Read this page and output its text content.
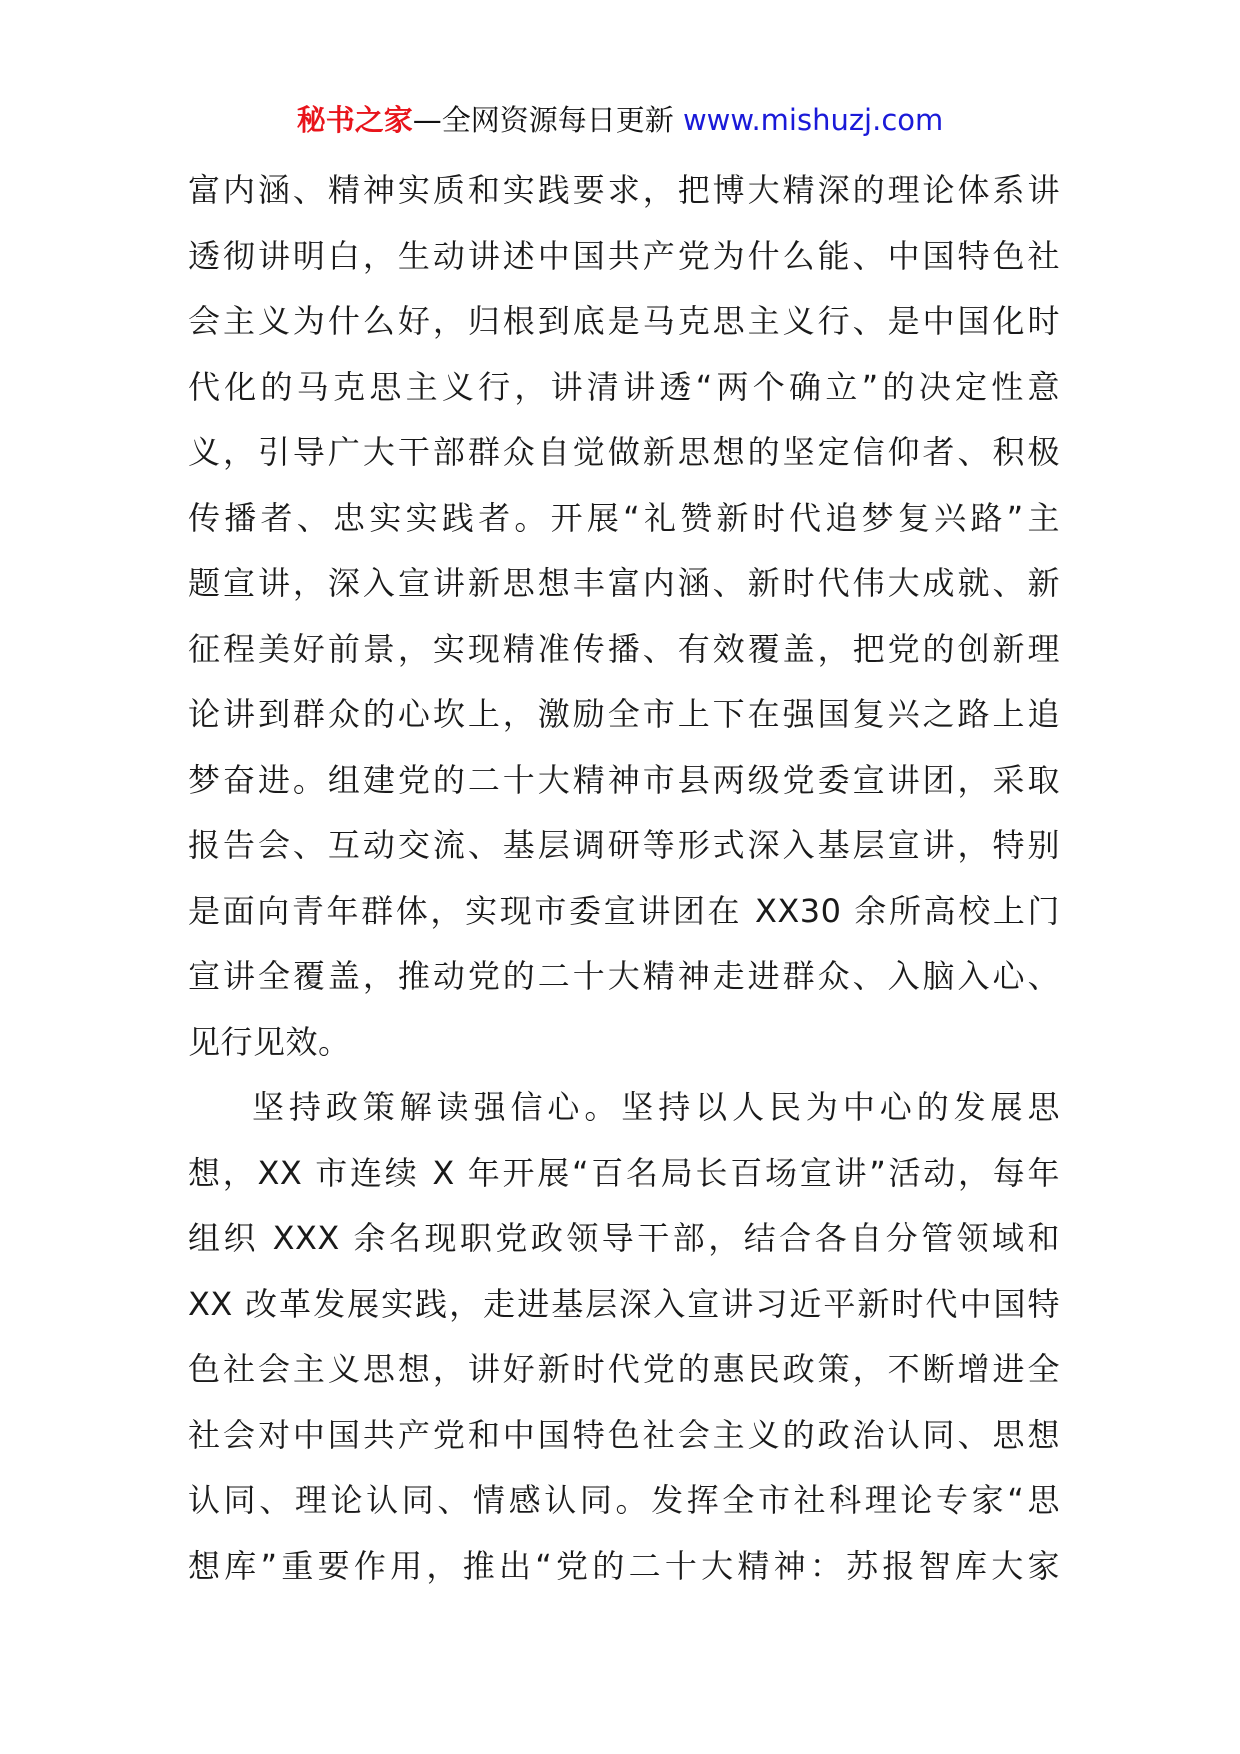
秘书之家—全网资源每日更新 www.mishuzj.com
富内涵、精神实质和实践要求，把博大精深的理论体系讲
透彻讲明白，生动讲述中国共产党为什么能、中国特色社
会主义为什么好，归根到底是马克思主义行、是中国化时
代化的马克思主义行，讲清讲透“两个确立”的决定性意
义，引导广大干部群众自觉做新思想的坚定信仰者、积极
传播者、忠实实践者。开展“礼赞新时代追梦复兴路”主
题宣讲，深入宣讲新思想丰富内涵、新时代伟大成就、新
征程美好前景，实现精准传播、有效覆盖，把党的创新理
论讲到群众的心坎上，激励全市上下在强国复兴之路上追
梦奋进。组建党的二十大精神市县两级党委宣讲团，采取
报告会、互动交流、基层调研等形式深入基层宣讲，特别
是面向青年群体，实现市委宣讲团在 XX30 余所高校上门
宣讲全覆盖，推动党的二十大精神走进群众、入脑入心、
见行见效。
坚持政策解读强信心。坚持以人民为中心的发展思
想，XX 市连续 X 年开展“百名局长百场宣讲”活动，每年
组织 XXX 余名现职党政领导干部，结合各自分管领域和
XX 改革发展实践，走进基层深入宣讲习近平新时代中国特
色社会主义思想，讲好新时代党的惠民政策，不断增进全
社会对中国共产党和中国特色社会主义的政治认同、思想
认同、理论认同、情感认同。发挥全市社科理论专家“思
想库”重要作用，推出“党的二十大精神：苏报智库大家
